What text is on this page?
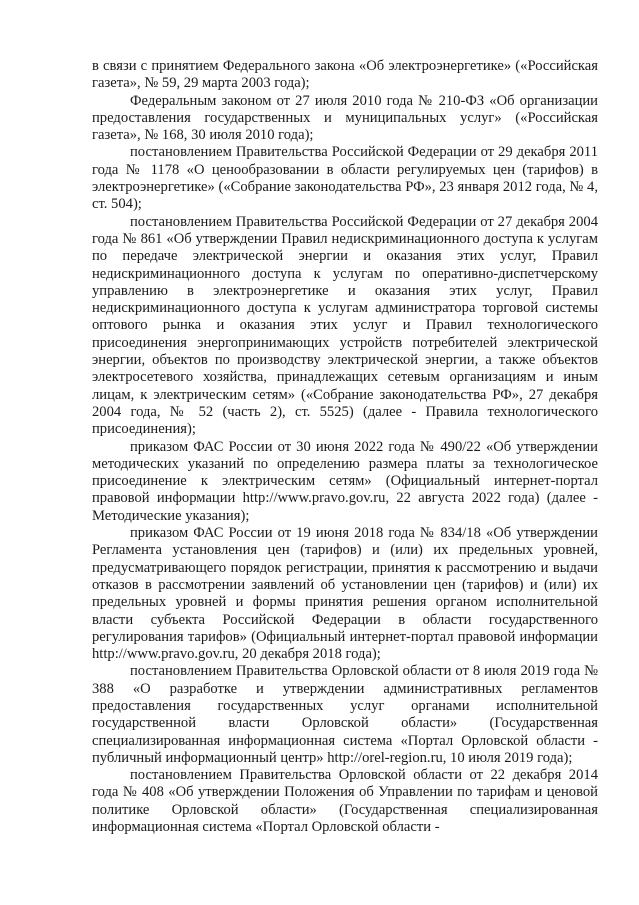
в связи с принятием Федерального закона «Об электроэнергетике» («Российская газета», № 59, 29 марта 2003 года);

Федеральным законом от 27 июля 2010 года № 210-ФЗ «Об организации предоставления государственных и муниципальных услуг» («Российская газета», № 168, 30 июля 2010 года);

постановлением Правительства Российской Федерации от 29 декабря 2011 года № 1178 «О ценообразовании в области регулируемых цен (тарифов) в электроэнергетике» («Собрание законодательства РФ», 23 января 2012 года, № 4, ст. 504);

постановлением Правительства Российской Федерации от 27 декабря 2004 года № 861 «Об утверждении Правил недискриминационного доступа к услугам по передаче электрической энергии и оказания этих услуг, Правил недискриминационного доступа к услугам по оперативно-диспетчерскому управлению в электроэнергетике и оказания этих услуг, Правил недискриминационного доступа к услугам администратора торговой системы оптового рынка и оказания этих услуг и Правил технологического присоединения энергопринимающих устройств потребителей электрической энергии, объектов по производству электрической энергии, а также объектов электросетевого хозяйства, принадлежащих сетевым организациям и иным лицам, к электрическим сетям» («Собрание законодательства РФ», 27 декабря 2004 года, № 52 (часть 2), ст. 5525) (далее - Правила технологического присоединения);

приказом ФАС России от 30 июня 2022 года № 490/22 «Об утверждении методических указаний по определению размера платы за технологическое присоединение к электрическим сетям» (Официальный интернет-портал правовой информации http://www.pravo.gov.ru, 22 августа 2022 года) (далее - Методические указания);

приказом ФАС России от 19 июня 2018 года № 834/18 «Об утверждении Регламента установления цен (тарифов) и (или) их предельных уровней, предусматривающего порядок регистрации, принятия к рассмотрению и выдачи отказов в рассмотрении заявлений об установлении цен (тарифов) и (или) их предельных уровней и формы принятия решения органом исполнительной власти субъекта Российской Федерации в области государственного регулирования тарифов» (Официальный интернет-портал правовой информации http://www.pravo.gov.ru, 20 декабря 2018 года);

постановлением Правительства Орловской области от 8 июля 2019 года № 388 «О разработке и утверждении административных регламентов предоставления государственных услуг органами исполнительной государственной власти Орловской области» (Государственная специализированная информационная система «Портал Орловской области - публичный информационный центр» http://orel-region.ru, 10 июля 2019 года);

постановлением Правительства Орловской области от 22 декабря 2014 года № 408 «Об утверждении Положения об Управлении по тарифам и ценовой политике Орловской области» (Государственная специализированная информационная система «Портал Орловской области -
